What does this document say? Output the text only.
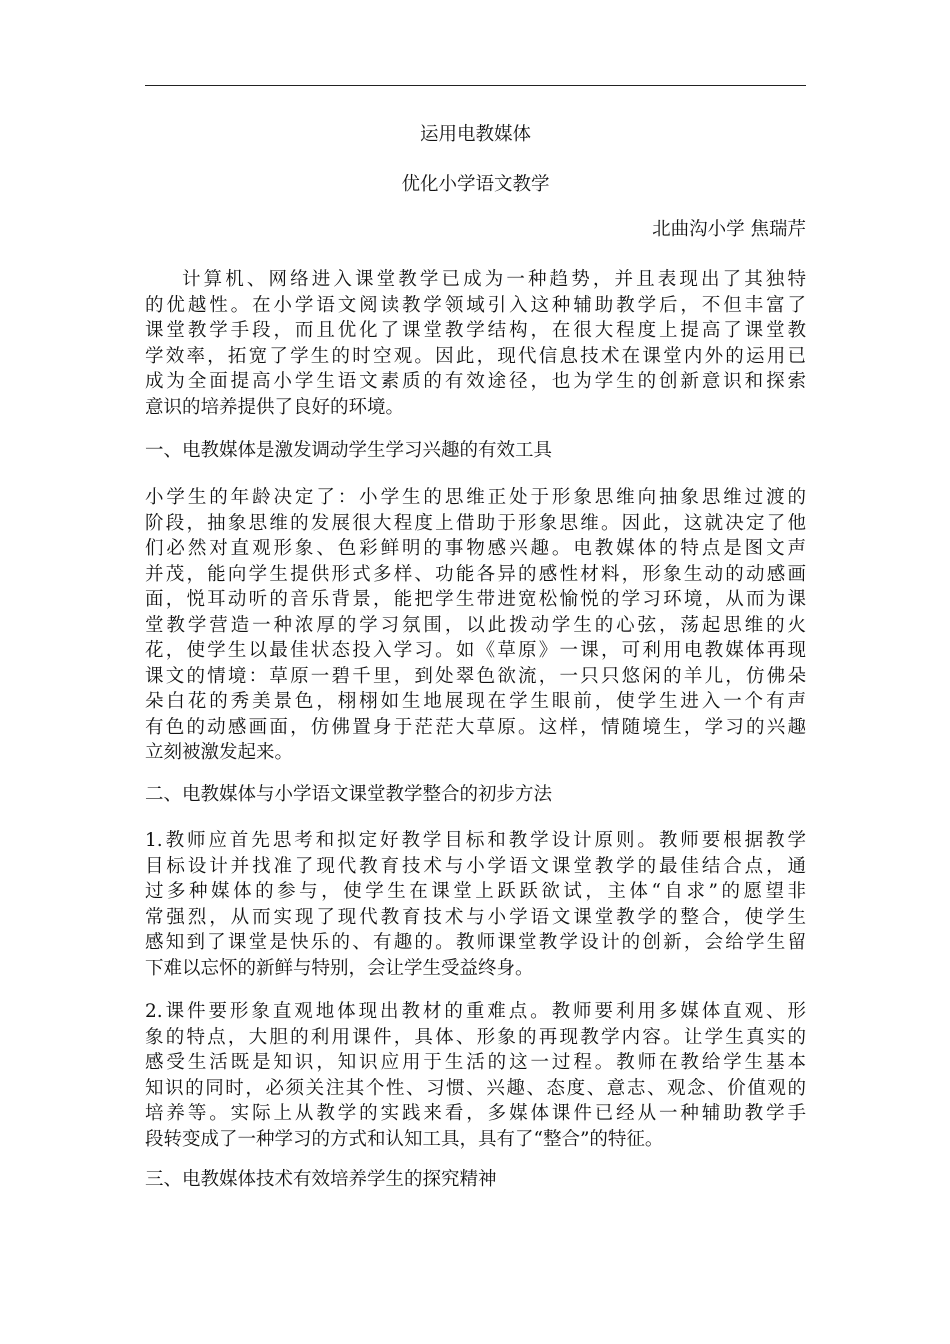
运用电教媒体
优化小学语文教学
北曲沟小学 焦瑞芹
计算机、网络进入课堂教学已成为一种趋势，并且表现出了其独特
的优越性。在小学语文阅读教学领域引入这种辅助教学后，不但丰富了
课堂教学手段，而且优化了课堂教学结构，在很大程度上提高了课堂教
学效率，拓宽了学生的时空观。因此，现代信息技术在课堂内外的运用已
成为全面提高小学生语文素质的有效途径，也为学生的创新意识和探索
意识的培养提供了良好的环境。
一、电教媒体是激发调动学生学习兴趣的有效工具
小学生的年龄决定了：小学生的思维正处于形象思维向抽象思维过渡的
阶段，抽象思维的发展很大程度上借助于形象思维。因此，这就决定了他
们必然对直观形象、色彩鲜明的事物感兴趣。电教媒体的特点是图文声
并茂，能向学生提供形式多样、功能各异的感性材料，形象生动的动感画
面，悦耳动听的音乐背景，能把学生带进宽松愉悦的学习环境，从而为课
堂教学营造一种浓厚的学习氛围，以此拨动学生的心弦，荡起思维的火
花，使学生以最佳状态投入学习。如《草原》一课，可利用电教媒体再现
课文的情境：草原一碧千里，到处翠色欲流，一只只悠闲的羊儿，仿佛朵
朵白花的秀美景色，栩栩如生地展现在学生眼前，使学生进入一个有声
有色的动感画面，仿佛置身于茫茫大草原。这样，情随境生，学习的兴趣
立刻被激发起来。
二、电教媒体与小学语文课堂教学整合的初步方法
1.教师应首先思考和拟定好教学目标和教学设计原则。教师要根据教学
目标设计并找准了现代教育技术与小学语文课堂教学的最佳结合点，通
过多种媒体的参与，使学生在课堂上跃跃欲试，主体“自求”的愿望非
常强烈，从而实现了现代教育技术与小学语文课堂教学的整合，使学生
感知到了课堂是快乐的、有趣的。教师课堂教学设计的创新，会给学生留
下难以忘怀的新鲜与特别，会让学生受益终身。
2.课件要形象直观地体现出教材的重难点。教师要利用多媒体直观、形
象的特点，大胆的利用课件，具体、形象的再现教学内容。让学生真实的
感受生活既是知识，知识应用于生活的这一过程。教师在教给学生基本
知识的同时，必须关注其个性、习惯、兴趣、态度、意志、观念、价值观的
培养等。实际上从教学的实践来看，多媒体课件已经从一种辅助教学手
段转变成了一种学习的方式和认知工具，具有了“整合”的特征。
三、电教媒体技术有效培养学生的探究精神
